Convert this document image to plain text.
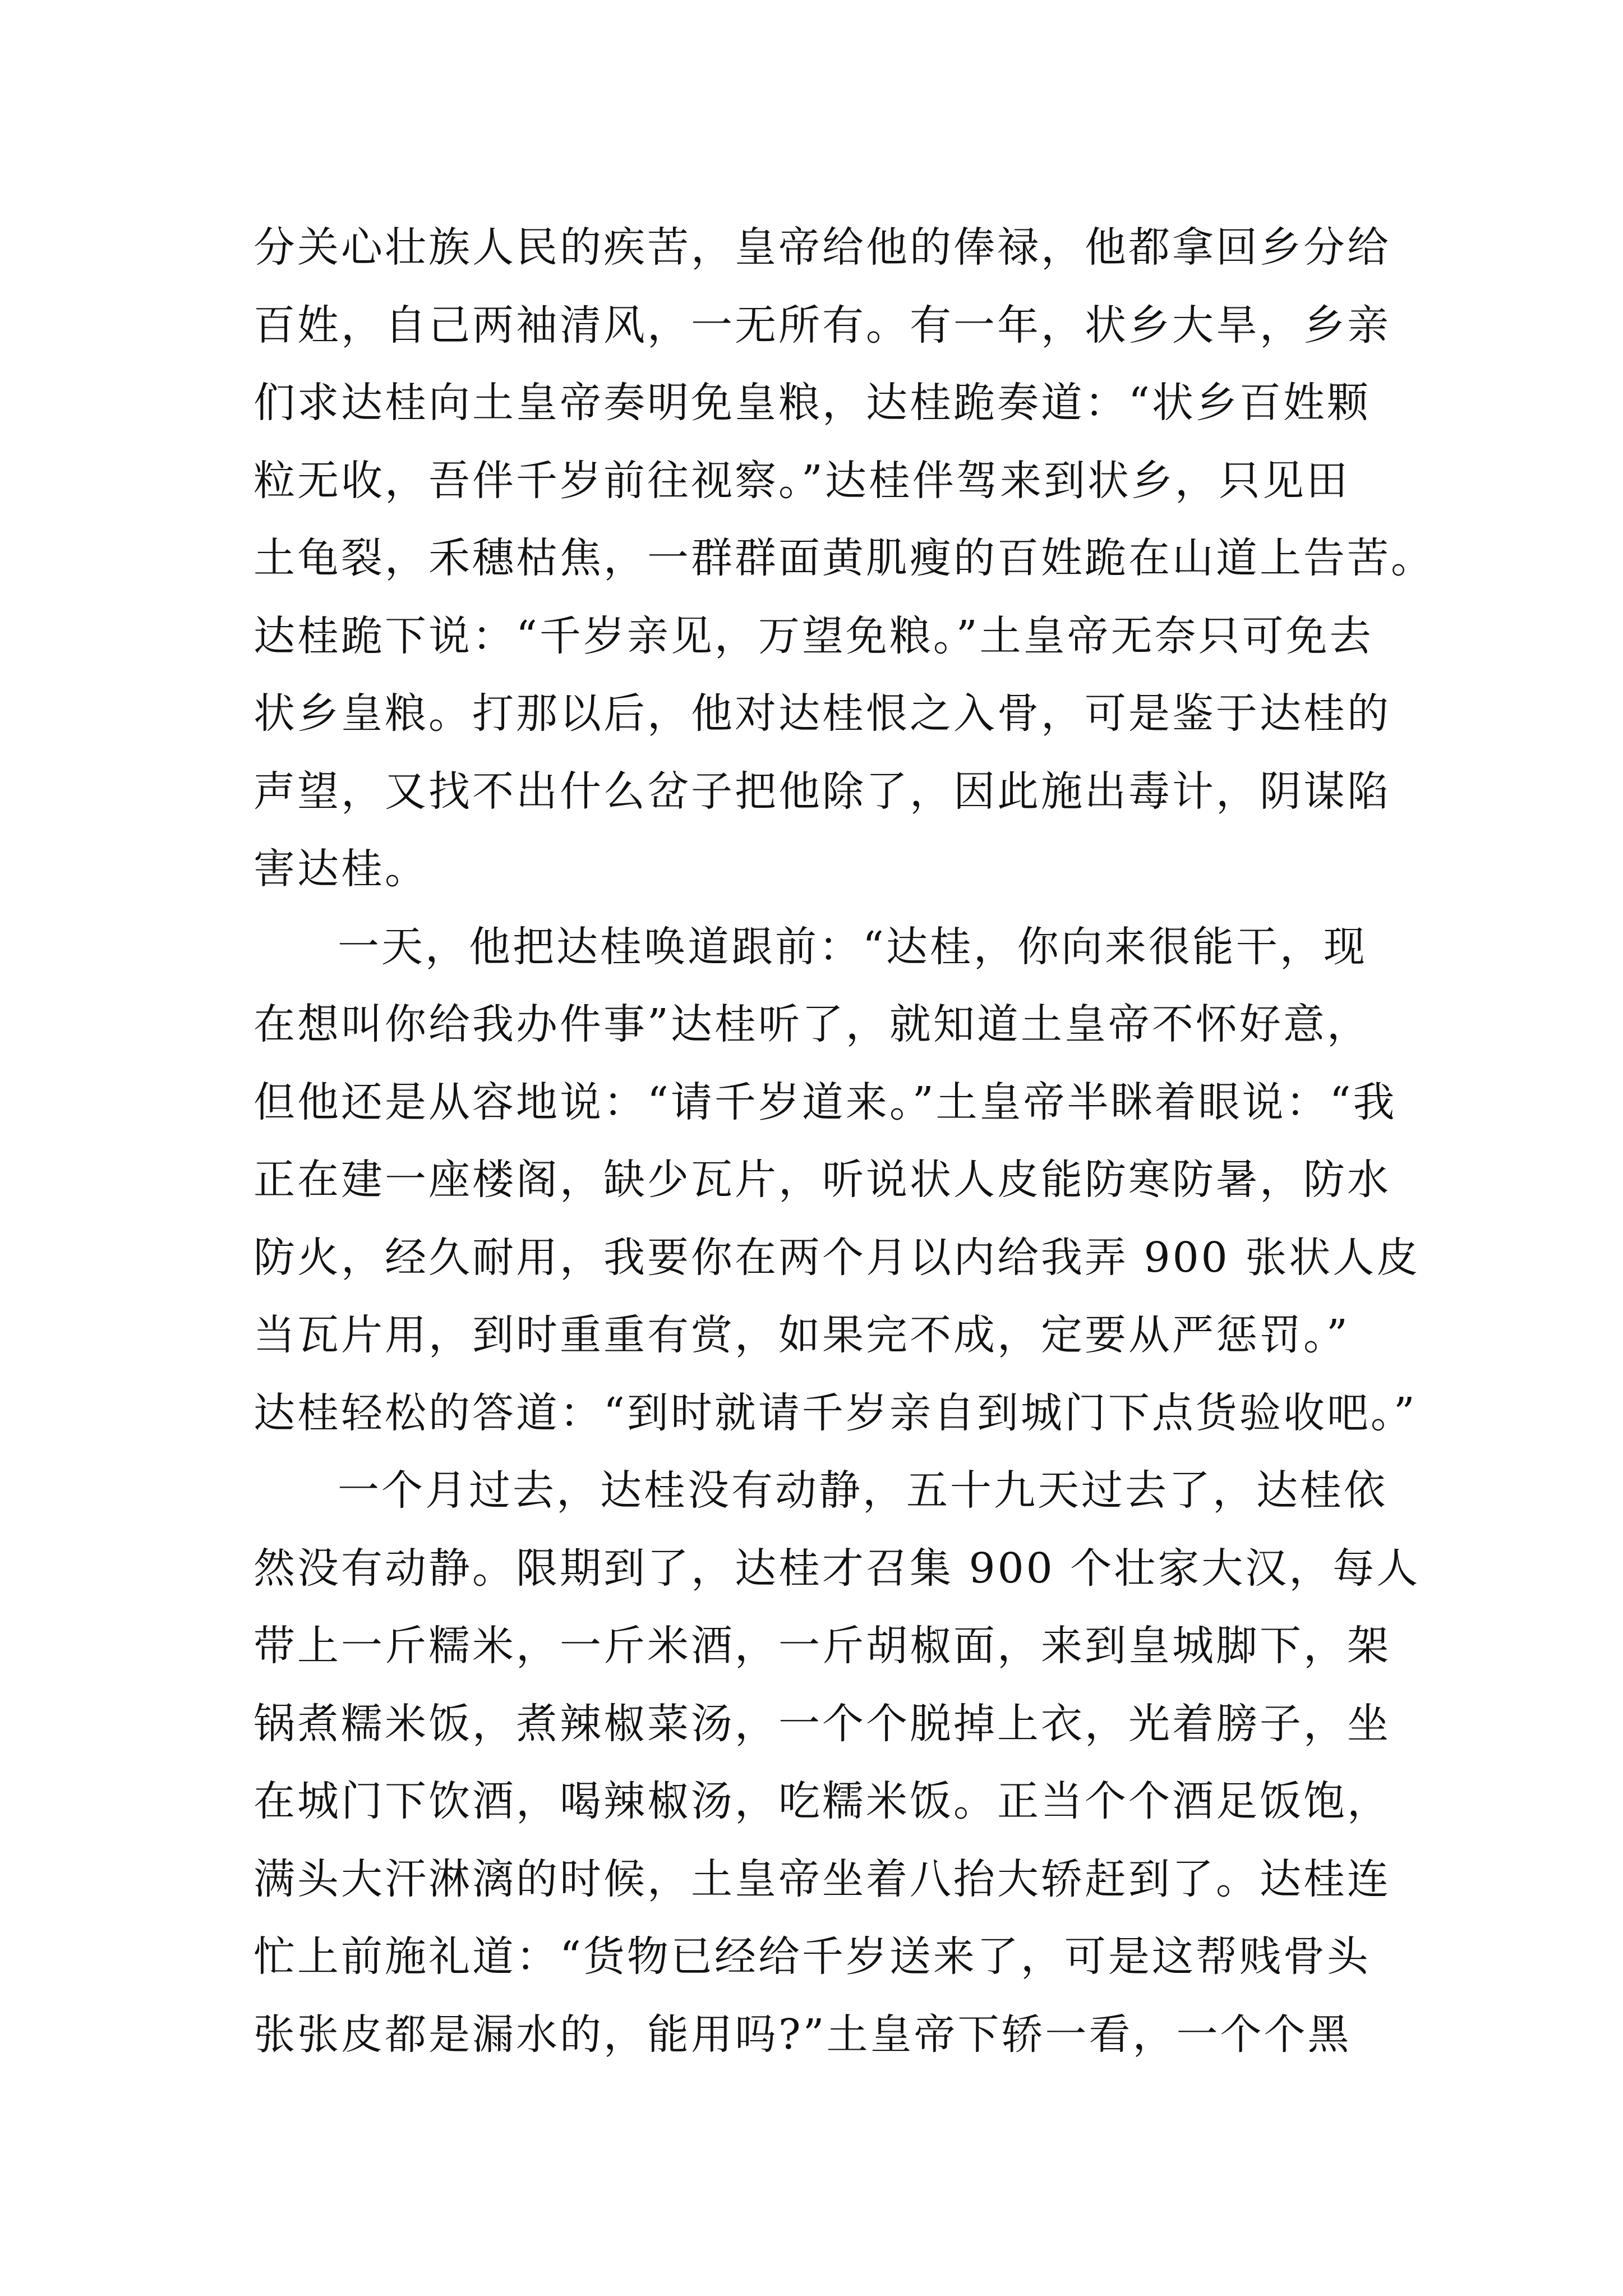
分关心壮族人民的疾苦，皇帝给他的俸禄，他都拿回乡分给
百姓，自己两袖清风，一无所有。有一年，状乡大旱，乡亲
们求达桂向土皇帝奏明免皇粮，达桂跪奏道：“状乡百姓颗
粒无收，吾伴千岁前往视察。”达桂伴驾来到状乡，只见田
土龟裂，禾穗枯焦，一群群面黄肌瘦的百姓跪在山道上告苦。
达桂跪下说：“千岁亲见，万望免粮。”土皇帝无奈只可免去
状乡皇粮。打那以后，他对达桂恨之入骨，可是鉴于达桂的
声望，又找不出什么岔子把他除了，因此施出毒计，阴谋陷
害达桂。
一天，他把达桂唤道跟前：“达桂，你向来很能干，现
在想叫你给我办件事”达桂听了，就知道土皇帝不怀好意，
但他还是从容地说：“请千岁道来。”土皇帝半眯着眼说：“我
正在建一座楼阁，缺少瓦片，听说状人皮能防寒防暑，防水
防火，经久耐用，我要你在两个月以内给我弄 900 张状人皮
当瓦片用，到时重重有赏，如果完不成，定要从严惩罚。”
达桂轻松的答道：“到时就请千岁亲自到城门下点货验收吧。”
一个月过去，达桂没有动静，五十九天过去了，达桂依
然没有动静。限期到了，达桂才召集 900 个壮家大汉，每人
带上一斤糯米，一斤米酒，一斤胡椒面，来到皇城脚下，架
锅煮糯米饭，煮辣椒菜汤，一个个脱掉上衣，光着膀子，坐
在城门下饮酒，喝辣椒汤，吃糯米饭。正当个个酒足饭饱，
满头大汗淋漓的时候，土皇帝坐着八抬大轿赶到了。达桂连
忙上前施礼道：“货物已经给千岁送来了，可是这帮贱骨头
张张皮都是漏水的，能用吗?”土皇帝下轿一看，一个个黑
